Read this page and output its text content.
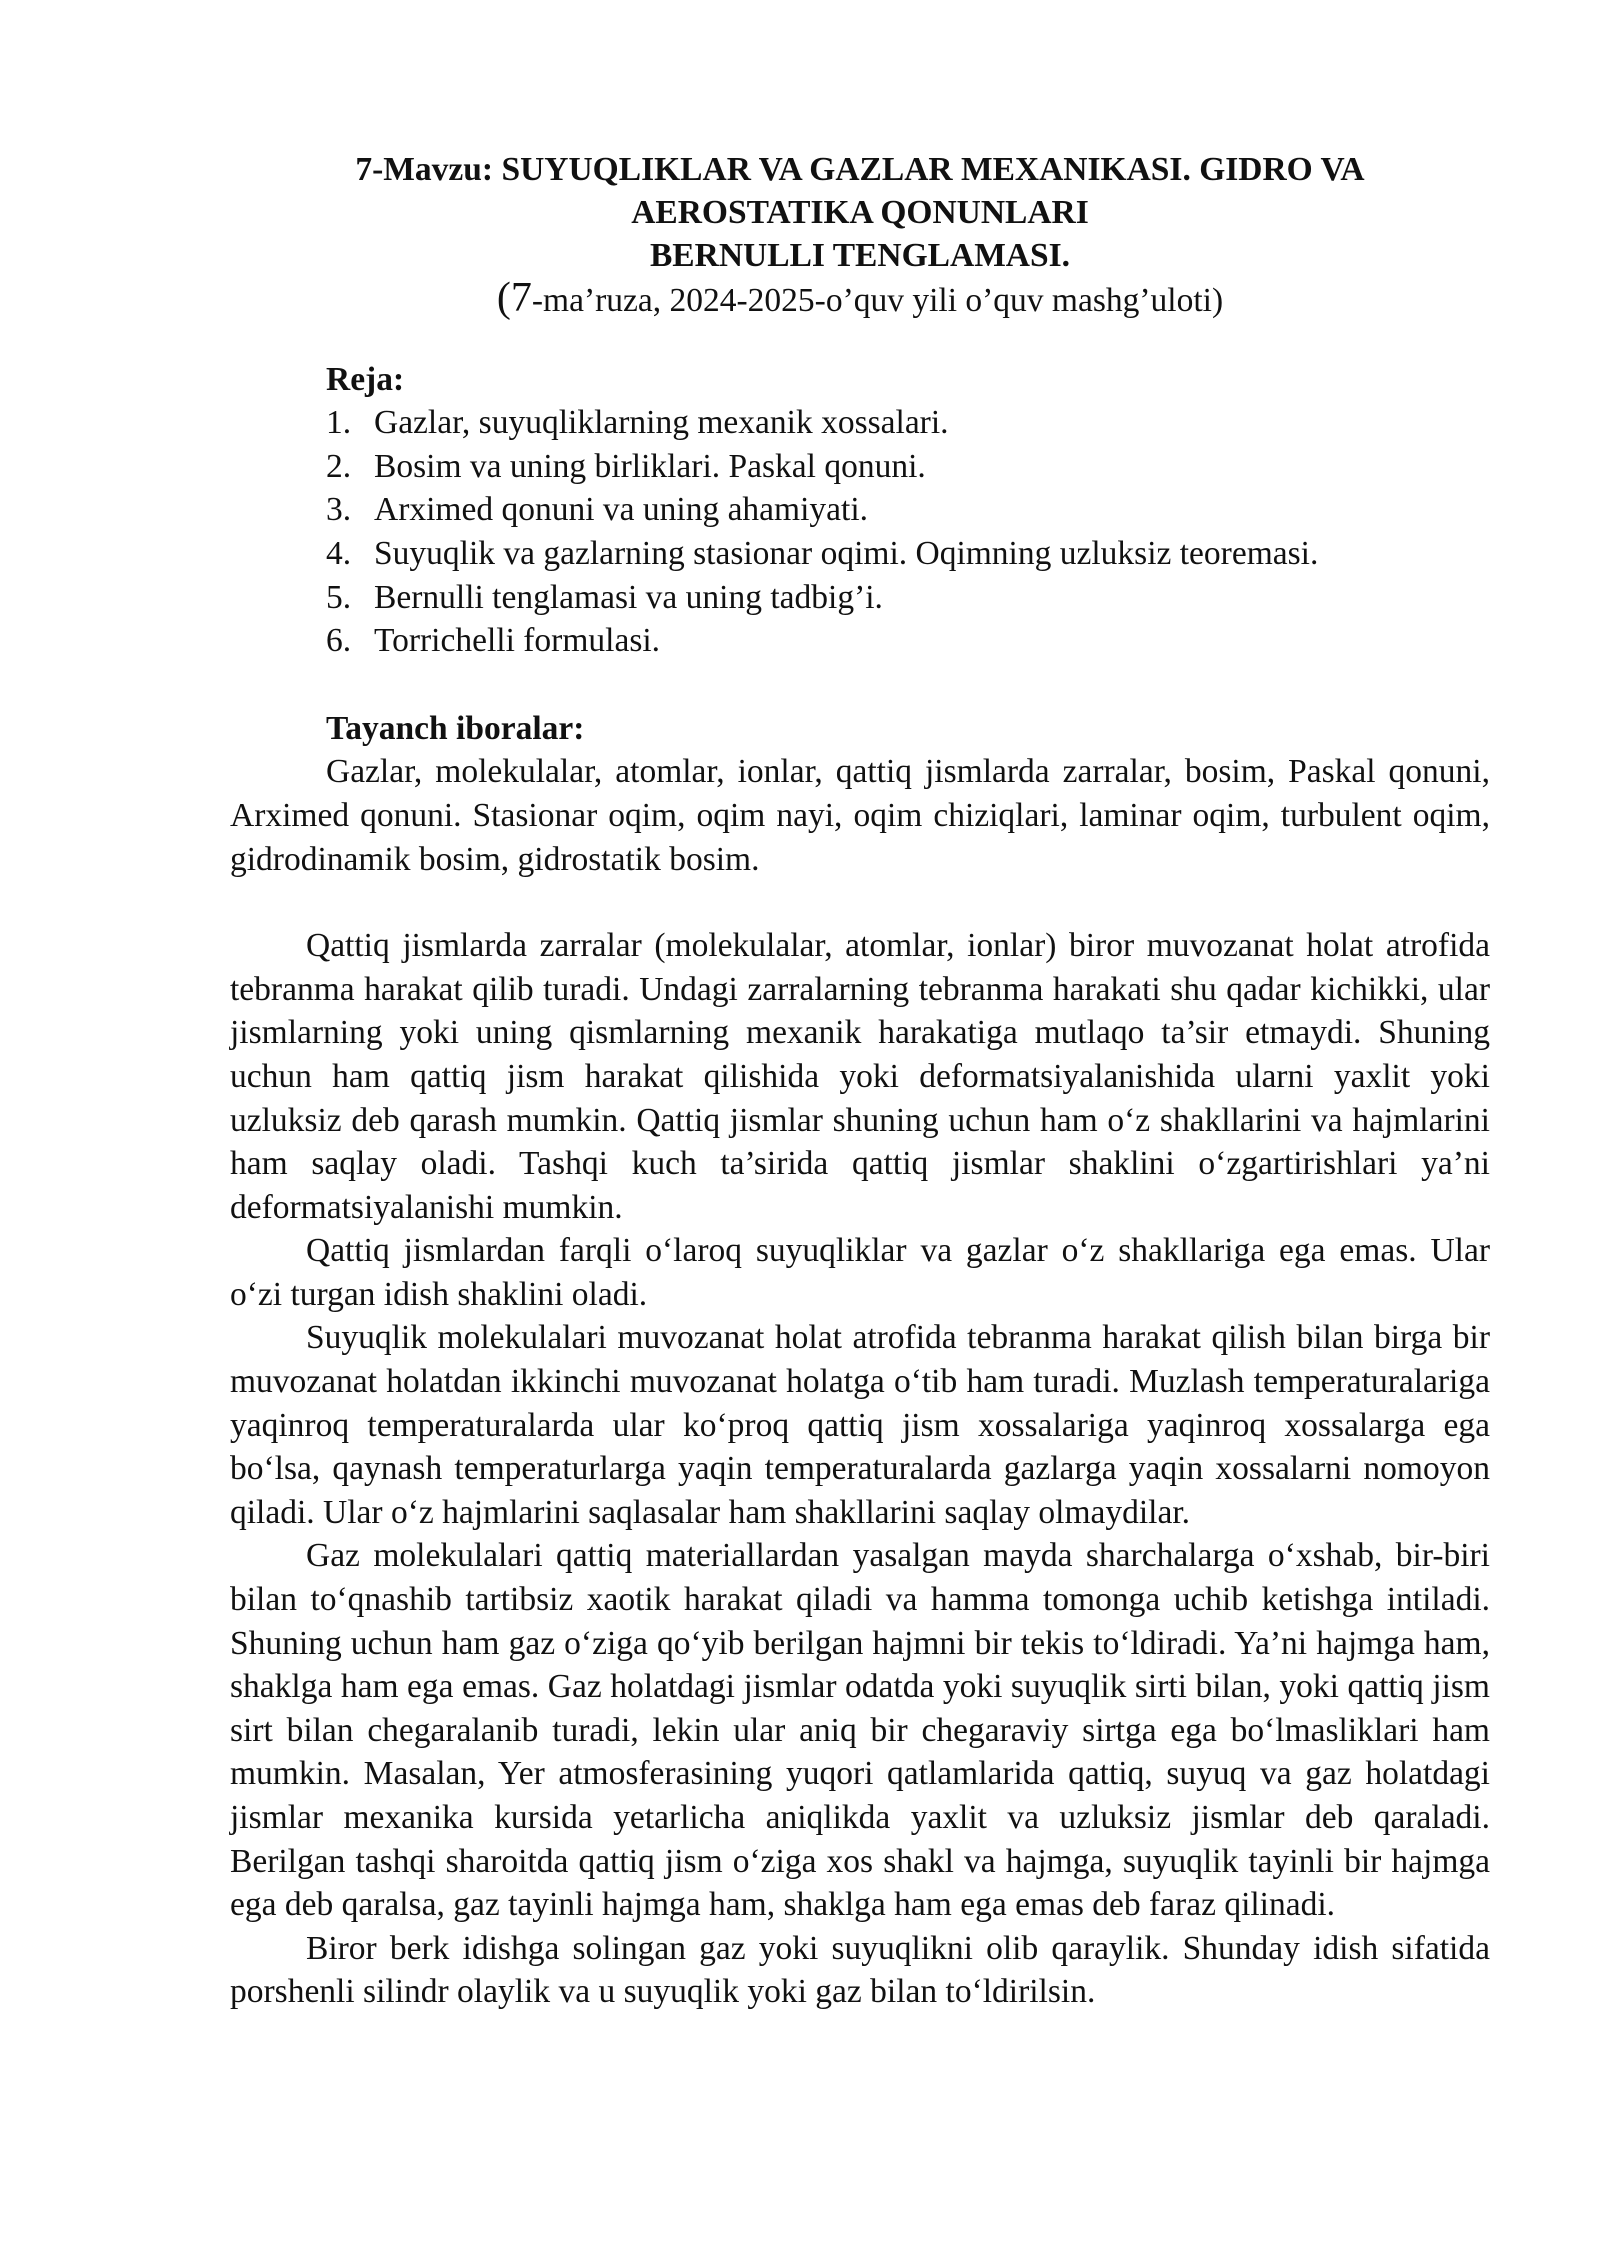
7-Mavzu: SUYUQLIKLAR VA GAZLAR MEXANIKASI. GIDRO VA
AEROSTATIKA QONUNLARI
BERNULLI TENGLAMASI.
(7-ma’ruza, 2024-2025-o’quv yili o’quv mashg’uloti)
Reja:
1. Gazlar, suyuqliklarning mexanik xossalari.
2. Bosim va uning birliklari. Paskal qonuni.
3. Arximed qonuni va uning ahamiyati.
4. Suyuqlik va gazlarning stasionar oqimi. Oqimning uzluksiz teoremasi.
5. Bernulli tenglamasi va uning tadbig’i.
6. Torrichelli formulasi.
Tayanch iboralar:

Gazlar, molekulalar, atomlar, ionlar, qattiq jismlarda zarralar, bosim, Paskal qonuni, Arximed qonuni. Stasionar oqim, oqim nayi, oqim chiziqlari, laminar oqim, turbulent oqim, gidrodinamik bosim, gidrostatik bosim.

Qattiq jismlarda zarralar (molekulalar, atomlar, ionlar) biror muvozanat holat atrofida tebranma harakat qilib turadi. Undagi zarralarning tebranma harakati shu qadar kichikki, ular jismlarning yoki uning qismlarning mexanik harakatiga mutlaqo ta’sir etmaydi. Shuning uchun ham qattiq jism harakat qilishida yoki deformatsiyalanishida ularni yaxlit yoki uzluksiz deb qarash mumkin. Qattiq jismlar shuning uchun ham o‘z shakllarini va hajmlarini ham saqlay oladi. Tashqi kuch ta’sirida qattiq jismlar shaklini o‘zgartirishlari ya’ni deformatsiyalanishi mumkin.

Qattiq jismlardan farqli o‘laroq suyuqliklar va gazlar o‘z shakllariga ega emas. Ular o‘zi turgan idish shaklini oladi.

Suyuqlik molekulalari muvozanat holat atrofida tebranma harakat qilish bilan birga bir muvozanat holatdan ikkinchi muvozanat holatga o‘tib ham turadi. Muzlash temperaturalariga yaqinroq temperaturalarda ular ko‘proq qattiq jism xossalariga yaqinroq xossalarga ega bo‘lsa, qaynash temperaturlarga yaqin temperaturalarda gazlarga yaqin xossalarni nomoyon qiladi. Ular o‘z hajmlarini saqlasalar ham shakllarini saqlay olmaydilar.

Gaz molekulalari qattiq materiallardan yasalgan mayda sharchalarga o‘xshab, bir-biri bilan to‘qnashib tartibsiz xaotik harakat qiladi va hamma tomonga uchib ketishga intiladi. Shuning uchun ham gaz o‘ziga qo‘yib berilgan hajmni bir tekis to‘ldiradi. Ya’ni hajmga ham, shaklga ham ega emas. Gaz holatdagi jismlar odatda yoki suyuqlik sirti bilan, yoki qattiq jism sirt bilan chegaralanib turadi, lekin ular aniq bir chegaraviy sirtga ega bo‘lmasliklari ham mumkin. Masalan, Yer atmosferasining yuqori qatlamlarida qattiq, suyuq va gaz holatdagi jismlar mexanika kursida yetarlicha aniqlikda yaxlit va uzluksiz jismlar deb qaraladi. Berilgan tashqi sharoitda qattiq jism o‘ziga xos shakl va hajmga, suyuqlik tayinli bir hajmga ega deb qaralsa, gaz tayinli hajmga ham, shaklga ham ega emas deb faraz qilinadi.

Biror berk idishga solingan gaz yoki suyuqlikni olib qaraylik. Shunday idish sifatida porshenli silindr olaylik va u suyuqlik yoki gaz bilan to‘ldirilsin.
